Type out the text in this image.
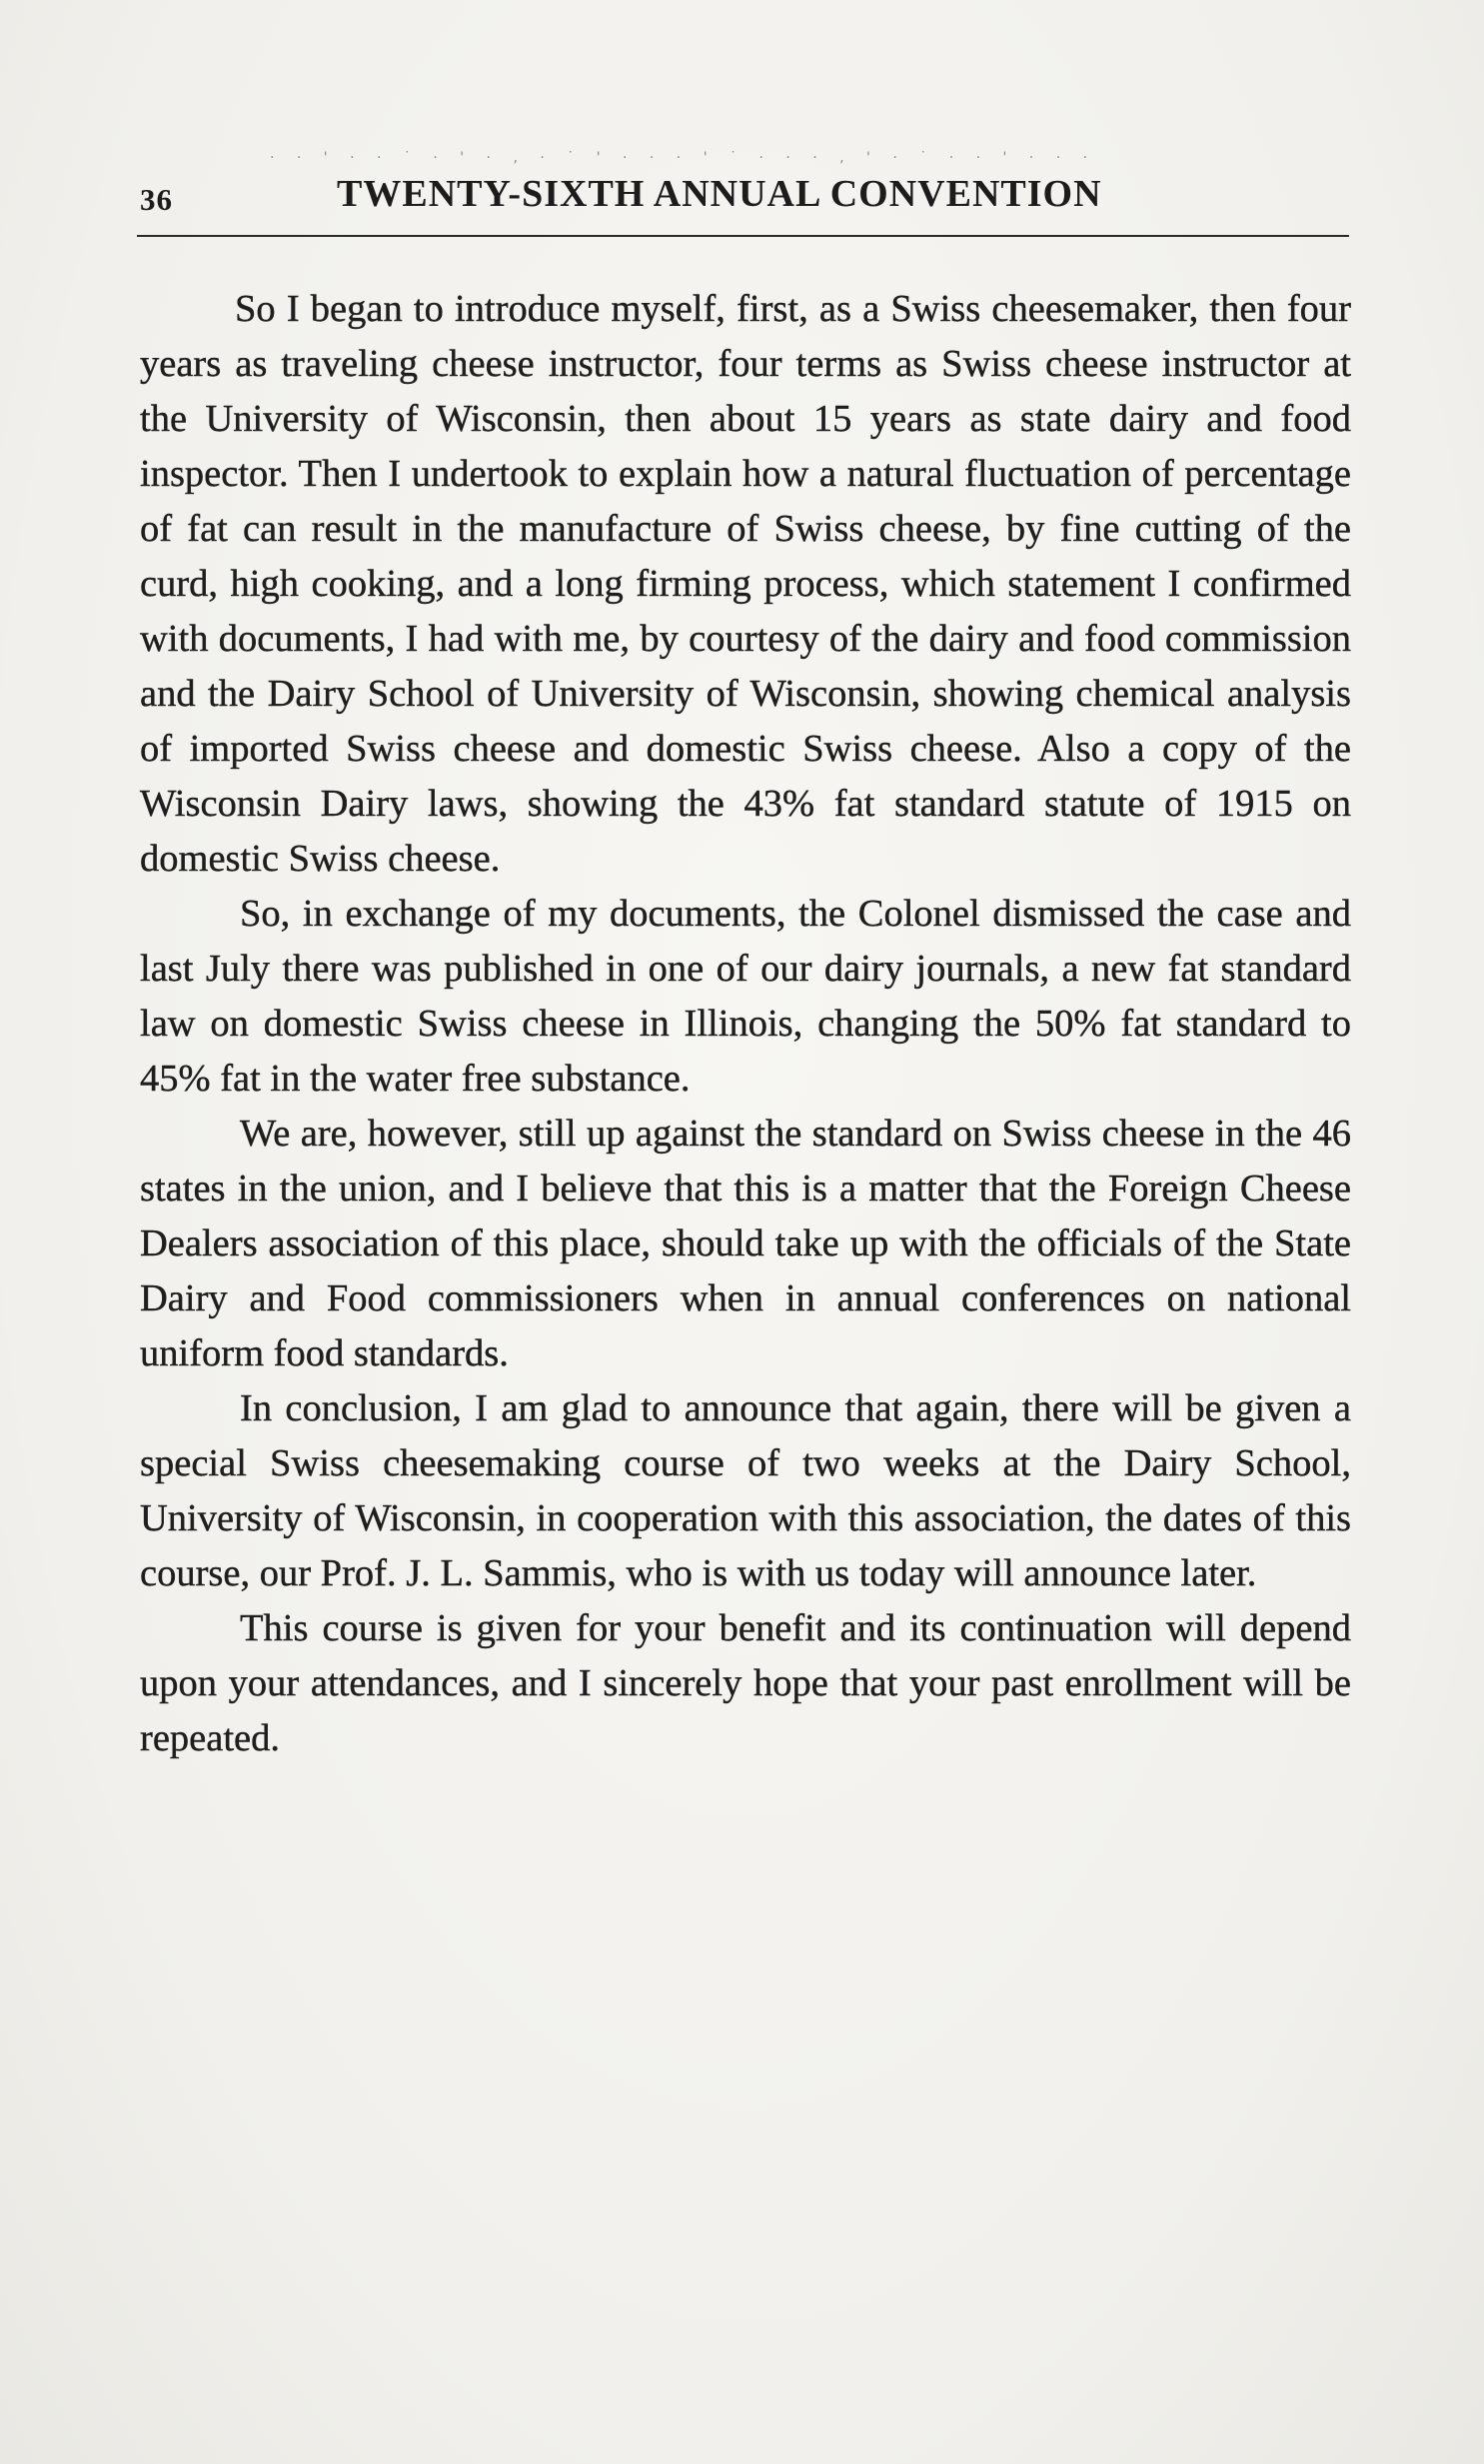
· · ' · · ˙ · ' · , · ˙ ' · · · ' ˙ · · · , ' · ˙ · · ' · · ·
36	TWENTY-SIXTH ANNUAL CONVENTION

So I began to introduce myself, first, as a Swiss cheesemaker, then four years as traveling cheese instructor, four terms as Swiss cheese instructor at the University of Wisconsin, then about 15 years as state dairy and food inspector. Then I undertook to explain how a natural fluctuation of percentage of fat can result in the manufacture of Swiss cheese, by fine cutting of the curd, high cooking, and a long firming process, which statement I confirmed with documents, I had with me, by courtesy of the dairy and food commission and the Dairy School of University of Wisconsin, showing chemical analysis of imported Swiss cheese and domestic Swiss cheese. Also a copy of the Wisconsin Dairy laws, showing the 43% fat standard statute of 1915 on domestic Swiss cheese.

So, in exchange of my documents, the Colonel dismissed the case and last July there was published in one of our dairy journals, a new fat standard law on domestic Swiss cheese in Illinois, changing the 50% fat standard to 45% fat in the water free substance.

We are, however, still up against the standard on Swiss cheese in the 46 states in the union, and I believe that this is a matter that the Foreign Cheese Dealers association of this place, should take up with the officials of the State Dairy and Food commissioners when in annual conferences on national uniform food standards.

In conclusion, I am glad to announce that again, there will be given a special Swiss cheesemaking course of two weeks at the Dairy School, University of Wisconsin, in cooperation with this association, the dates of this course, our Prof. J. L. Sammis, who is with us today will announce later.

This course is given for your benefit and its continuation will depend upon your attendances, and I sincerely hope that your past enrollment will be repeated.
